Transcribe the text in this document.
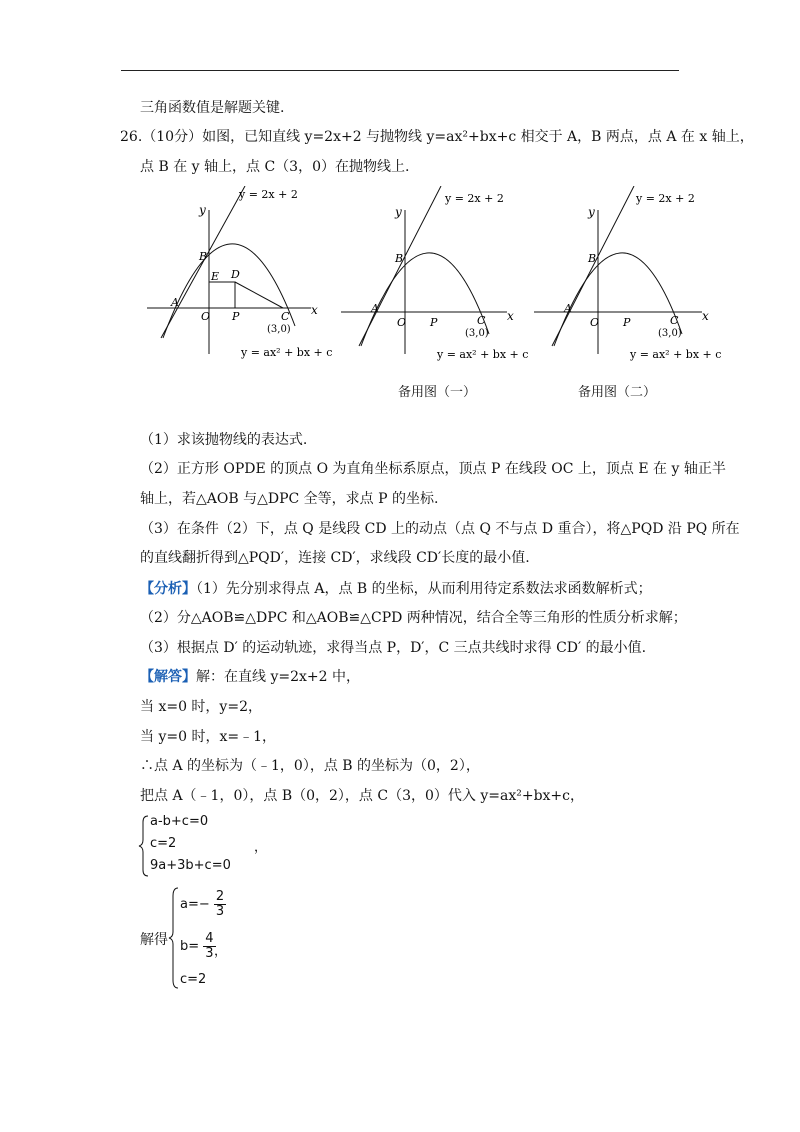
三角函数值是解题关键.
26.（10分）如图，已知直线 y=2x+2 与抛物线 y=ax²+bx+c 相交于 A，B 两点，点 A 在 x 轴上，
点 B 在 y 轴上，点 C（3，0）在抛物线上.
y = 2x + 2
y
x
A
B
O P	C
E D
(3,0)
y = ax² + bx + c
y = 2x + 2
y
x
A
B
O P	C
(3,0)
y = ax² + bx + c
y = 2x + 2
y
x
A
B
O P	C
(3,0)
y = ax² + bx + c
备用图（一）	备用图（二）
（1）求该抛物线的表达式.
（2）正方形 OPDE 的顶点 O 为直角坐标系原点，顶点 P 在线段 OC 上，顶点 E 在 y 轴正半
轴上，若△AOB 与△DPC 全等，求点 P 的坐标.
（3）在条件（2）下，点 Q 是线段 CD 上的动点（点 Q 不与点 D 重合），将△PQD 沿 PQ 所在
的直线翻折得到△PQD′，连接 CD′，求线段 CD′长度的最小值.
【分析】（1）先分别求得点 A，点 B 的坐标，从而利用待定系数法求函数解析式；
（2）分△AOB≌△DPC 和△AOB≌△CPD 两种情况，结合全等三角形的性质分析求解；
（3）根据点 D′ 的运动轨迹，求得当点 P，D′，C 三点共线时求得 CD′ 的最小值.
【解答】解：在直线 y=2x+2 中，
当 x=0 时，y=2，
当 y=0 时，x=﹣1，
∴点 A 的坐标为（﹣1，0），点 B 的坐标为（0，2），
把点 A（﹣1，0），点 B（0，2），点 C（3，0）代入 y=ax²+bx+c，
a-b+c=0
c=2
9a+3b+c=0
，
解得
$a=- \frac{2}{3}$
$b= \frac{4}{3}$
，
c=2
